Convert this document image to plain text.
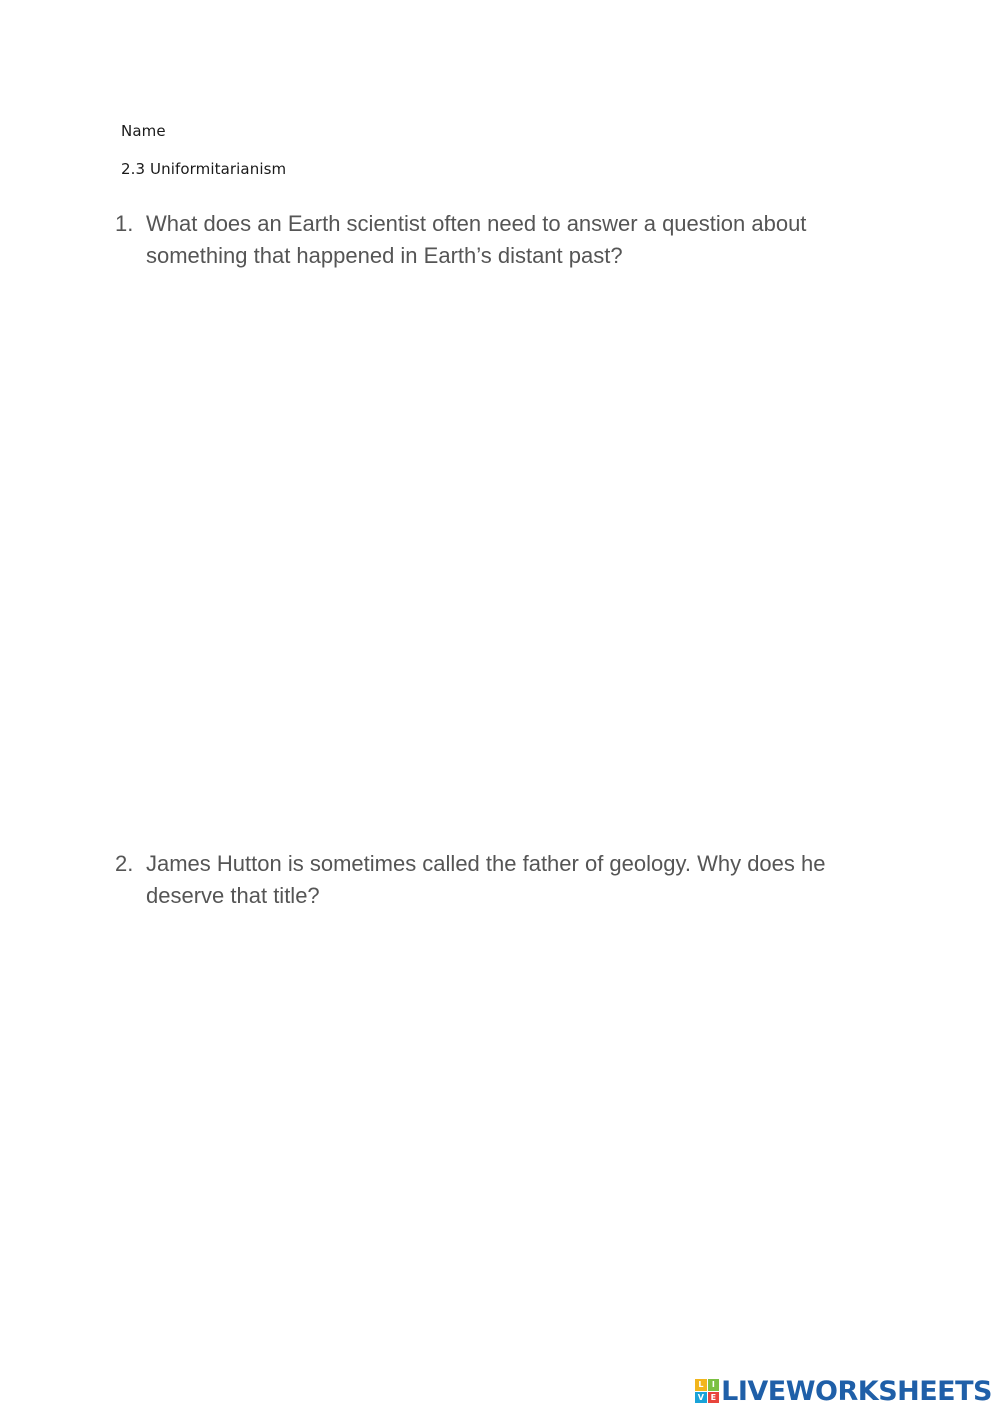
Name
2.3 Uniformitarianism
1. What does an Earth scientist often need to answer a question about something that happened in Earth’s distant past?
2. James Hutton is sometimes called the father of geology. Why does he deserve that title?
L	I
V E LIVEWORKSHEETS
